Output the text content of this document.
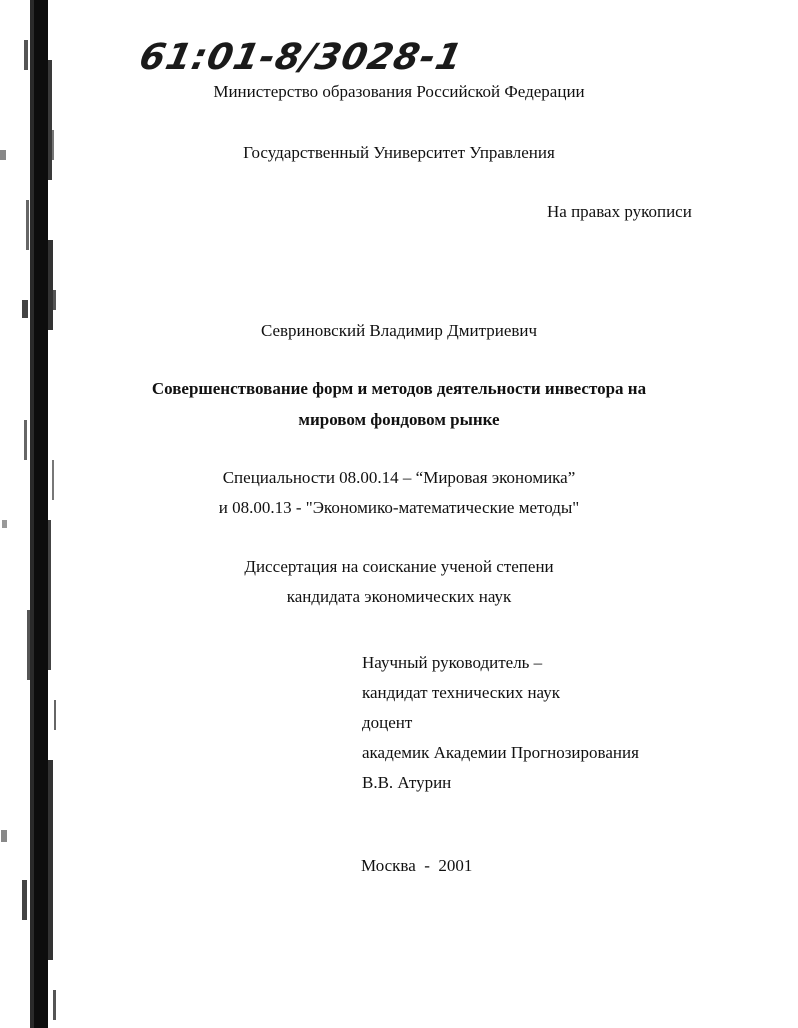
61:01-8/3028-1
Министерство образования Российской Федерации
Государственный Университет Управления
На правах рукописи
Севриновский Владимир Дмитриевич
Совершенствование форм и методов деятельности инвестора на
мировом фондовом рынке
Специальности 08.00.14 – “Мировая экономика”
и 08.00.13 - "Экономико-математические методы"
Диссертация на соискание ученой степени
кандидата экономических наук
Научный руководитель –
кандидат технических наук
доцент
академик Академии Прогнозирования
В.В. Атурин
Москва  -  2001
